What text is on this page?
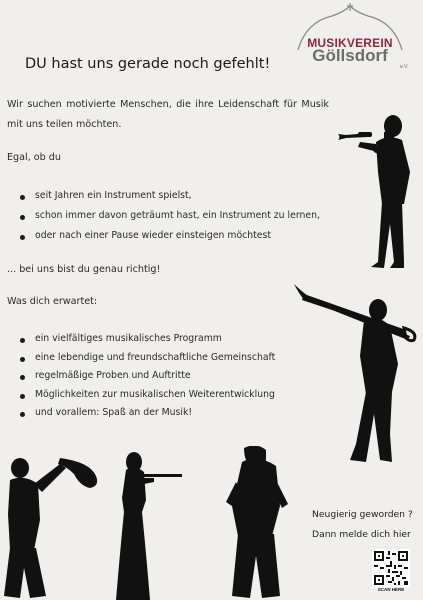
MUSIKVEREIN
Göllsdorf
e.V.
DU hast uns gerade noch gefehlt!
Wir suchen motivierte Menschen, die ihre Leidenschaft für Musik mit uns teilen möchten.
Egal, ob du
seit Jahren ein Instrument spielst,
schon immer davon geträumt hast, ein Instrument zu lernen,
oder nach einer Pause wieder einsteigen möchtest
... bei uns bist du genau richtig!
Was dich erwartet:
ein vielfältiges musikalisches Programm
eine lebendige und freundschaftliche Gemeinschaft
regelmäßige Proben und Auftritte
Möglichkeiten zur musikalischen Weiterentwicklung
und vorallem: Spaß an der Musik!
Neugierig geworden ?
Dann melde dich hier
SCAN HERE
